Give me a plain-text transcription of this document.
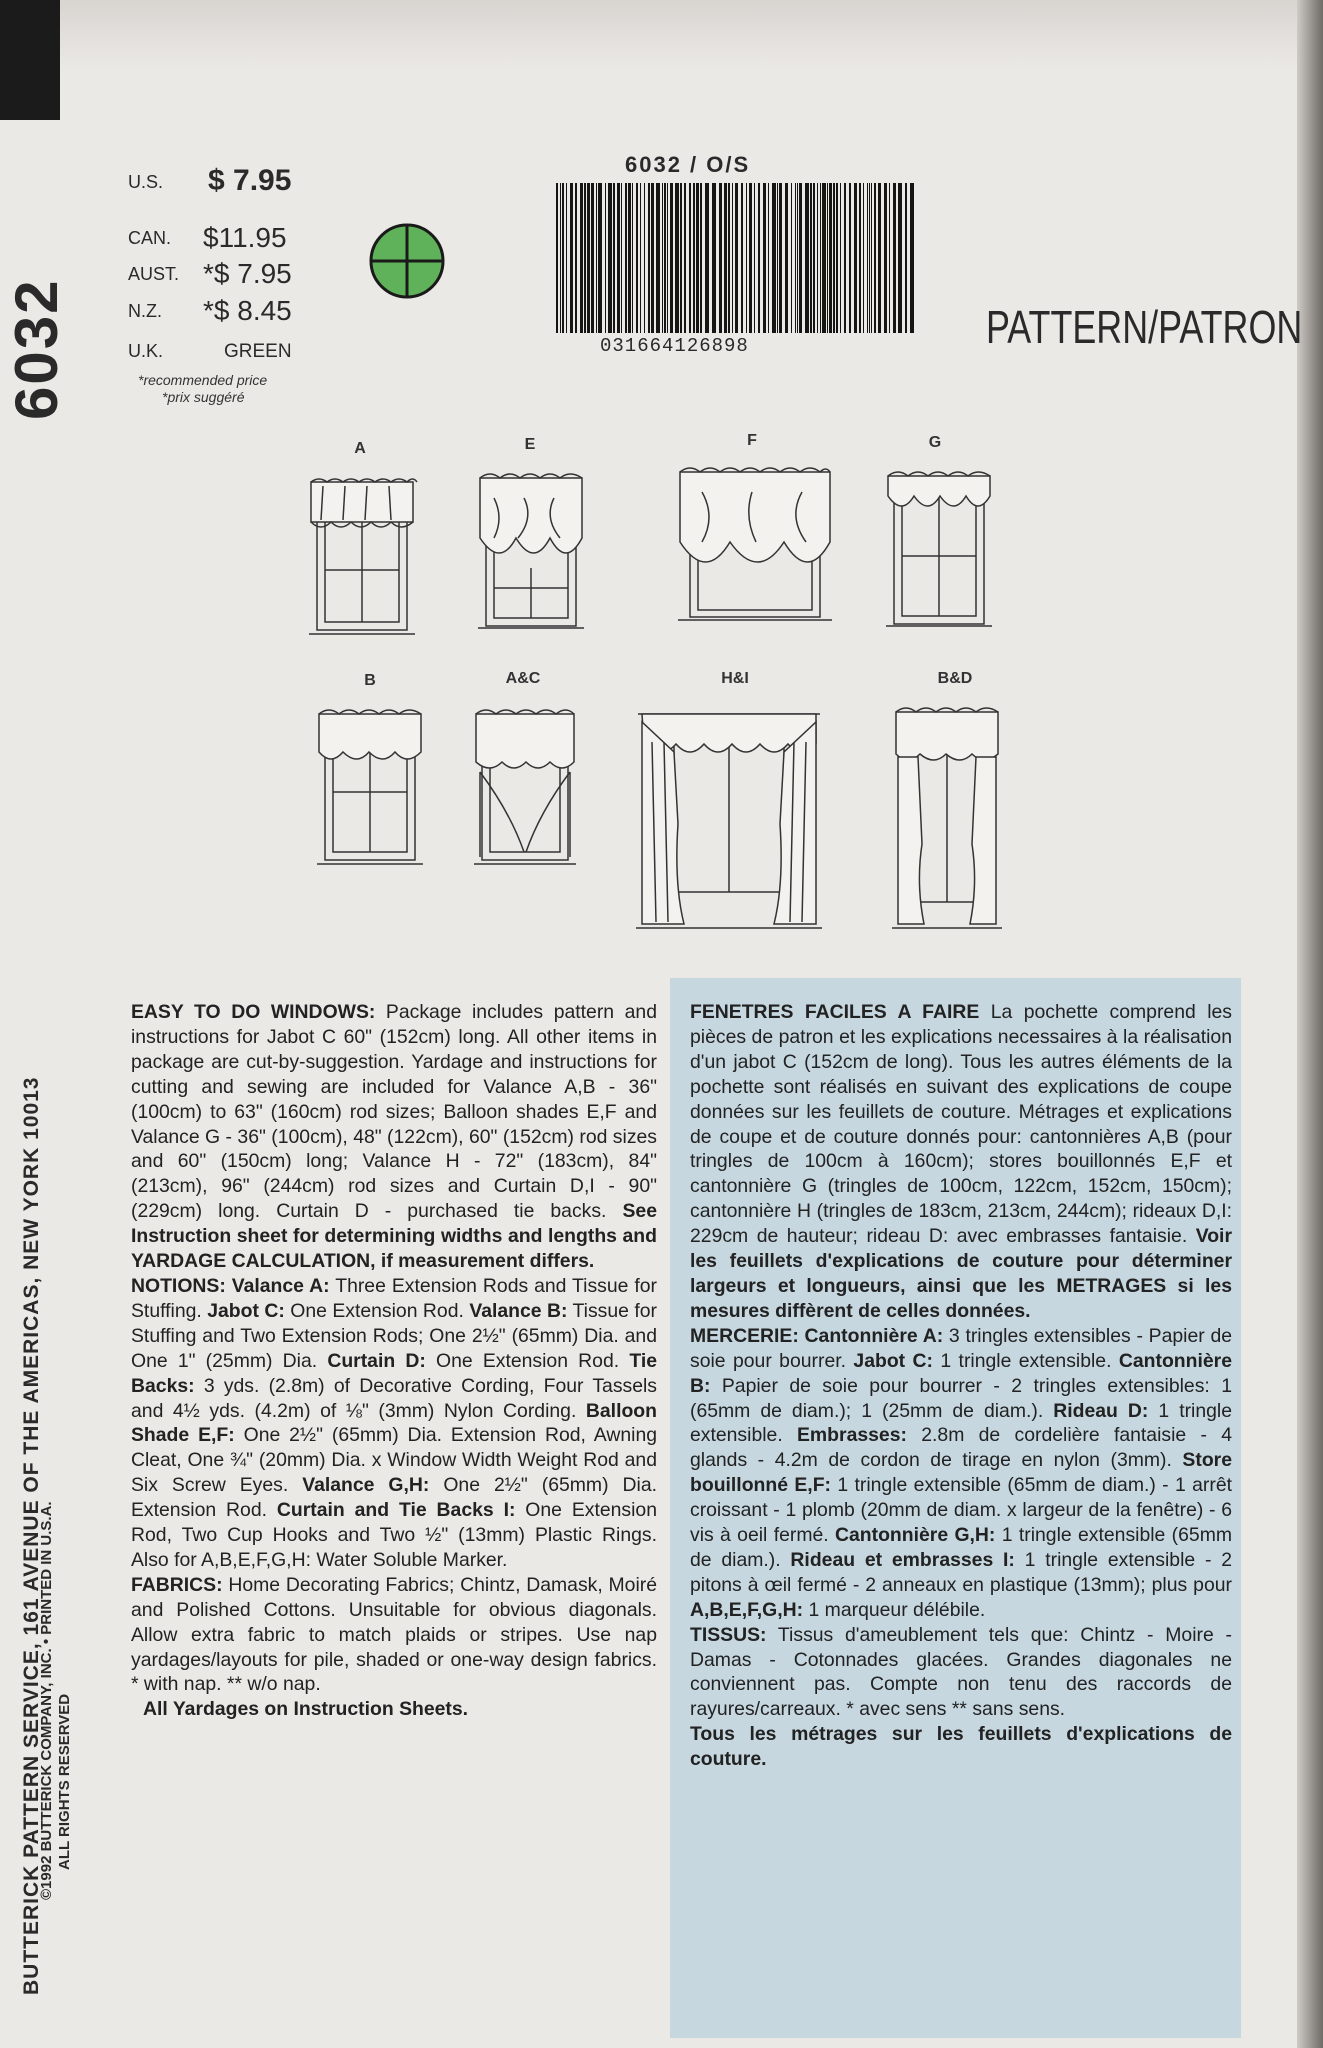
6032
©1992 BUTTERICK COMPANY, INC. • PRINTED IN U.S.A. ALL RIGHTS RESERVED
BUTTERICK PATTERN SERVICE, 161 AVENUE OF THE AMERICAS, NEW YORK 10013
U.S. $ 7.95
CAN. $11.95
AUST. *$ 7.95
N.Z. *$ 8.45
U.K.	GREEN
*recommended price
*prix suggéré
6032 / O/S
031664126898	PATTERN/PATRON
A	E	F	G
B	A&C	H&I	B&D

EASY TO DO WINDOWS: Package includes pattern and instructions for Jabot C 60" (152cm) long. All other items in package are cut-by-suggestion. Yardage and instructions for cutting and sewing are included for Valance A,B - 36" (100cm) to 63" (160cm) rod sizes; Balloon shades E,F and Valance G - 36" (100cm), 48" (122cm), 60" (152cm) rod sizes and 60" (150cm) long; Valance H - 72" (183cm), 84" (213cm), 96" (244cm) rod sizes and Curtain D,I - 90" (229cm) long. Curtain D - purchased tie backs. See Instruction sheet for determining widths and lengths and YARDAGE CALCULATION, if measurement differs.

NOTIONS: Valance A: Three Extension Rods and Tissue for Stuffing. Jabot C: One Extension Rod. Valance B: Tissue for Stuffing and Two Extension Rods; One 2½" (65mm) Dia. and One 1" (25mm) Dia. Curtain D: One Extension Rod. Tie Backs: 3 yds. (2.8m) of Decorative Cording, Four Tassels and 4½ yds. (4.2m) of ⅛" (3mm) Nylon Cording. Balloon Shade E,F: One 2½" (65mm) Dia. Extension Rod, Awning Cleat, One ¾" (20mm) Dia. x Window Width Weight Rod and Six Screw Eyes. Valance G,H: One 2½" (65mm) Dia. Extension Rod. Curtain and Tie Backs I: One Extension Rod, Two Cup Hooks and Two ½" (13mm) Plastic Rings. Also for A,B,E,F,G,H: Water Soluble Marker.

FABRICS: Home Decorating Fabrics; Chintz, Damask, Moiré and Polished Cottons. Unsuitable for obvious diagonals. Allow extra fabric to match plaids or stripes. Use nap yardages/layouts for pile, shaded or one-way design fabrics. * with nap. ** w/o nap.

All Yardages on Instruction Sheets.

FENETRES FACILES A FAIRE La pochette comprend les pièces de patron et les explications necessaires à la réalisation d'un jabot C (152cm de long). Tous les autres éléments de la pochette sont réalisés en suivant des explications de coupe données sur les feuillets de couture. Métrages et explications de coupe et de couture donnés pour: cantonnières A,B (pour tringles de 100cm à 160cm); stores bouillonnés E,F et cantonnière G (tringles de 100cm, 122cm, 152cm, 150cm); cantonnière H (tringles de 183cm, 213cm, 244cm); rideaux D,I: 229cm de hauteur; rideau D: avec embrasses fantaisie. Voir les feuillets d'explications de couture pour déterminer largeurs et longueurs, ainsi que les METRAGES si les mesures diffèrent de celles données.

MERCERIE: Cantonnière A: 3 tringles extensibles - Papier de soie pour bourrer. Jabot C: 1 tringle extensible. Cantonnière B: Papier de soie pour bourrer - 2 tringles extensibles: 1 (65mm de diam.); 1 (25mm de diam.). Rideau D: 1 tringle extensible. Embrasses: 2.8m de cordelière fantaisie - 4 glands - 4.2m de cordon de tirage en nylon (3mm). Store bouillonné E,F: 1 tringle extensible (65mm de diam.) - 1 arrêt croissant - 1 plomb (20mm de diam. x largeur de la fenêtre) - 6 vis à oeil fermé. Cantonnière G,H: 1 tringle extensible (65mm de diam.). Rideau et embrasses I: 1 tringle extensible - 2 pitons à œil fermé - 2 anneaux en plastique (13mm); plus pour A,B,E,F,G,H: 1 marqueur délébile.

TISSUS: Tissus d'ameublement tels que: Chintz - Moire - Damas - Cotonnades glacées. Grandes diagonales ne conviennent pas. Compte non tenu des raccords de rayures/carreaux. * avec sens ** sans sens.

Tous les métrages sur les feuillets d'explications de couture.
